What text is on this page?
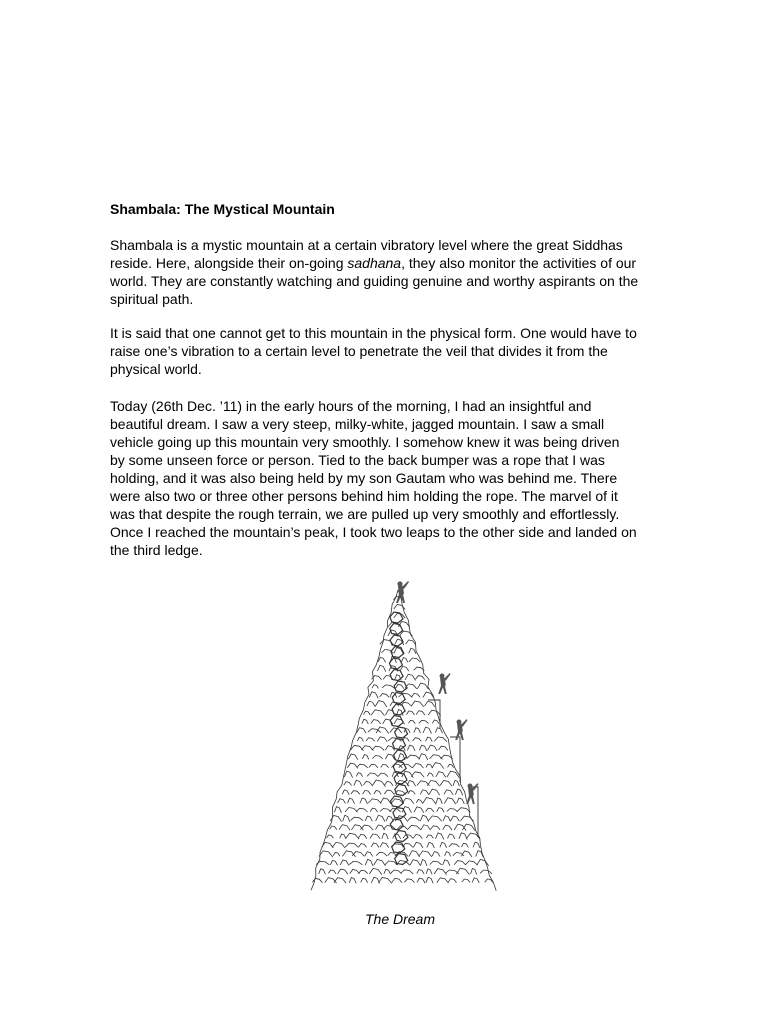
Shambala: The Mystical Mountain

Shambala is a mystic mountain at a certain vibratory level where the great Siddhas
reside. Here, alongside their on-going sadhana, they also monitor the activities of our
world. They are constantly watching and guiding genuine and worthy aspirants on the
spiritual path.

It is said that one cannot get to this mountain in the physical form. One would have to
raise one’s vibration to a certain level to penetrate the veil that divides it from the
physical world.

Today (26th Dec. ’11) in the early hours of the morning, I had an insightful and
beautiful dream. I saw a very steep, milky-white, jagged mountain. I saw a small
vehicle going up this mountain very smoothly. I somehow knew it was being driven
by some unseen force or person. Tied to the back bumper was a rope that I was
holding, and it was also being held by my son Gautam who was behind me. There
were also two or three other persons behind him holding the rope. The marvel of it
was that despite the rough terrain, we are pulled up very smoothly and effortlessly.
Once I reached the mountain’s peak, I took two leaps to the other side and landed on
the third ledge.

The Dream
